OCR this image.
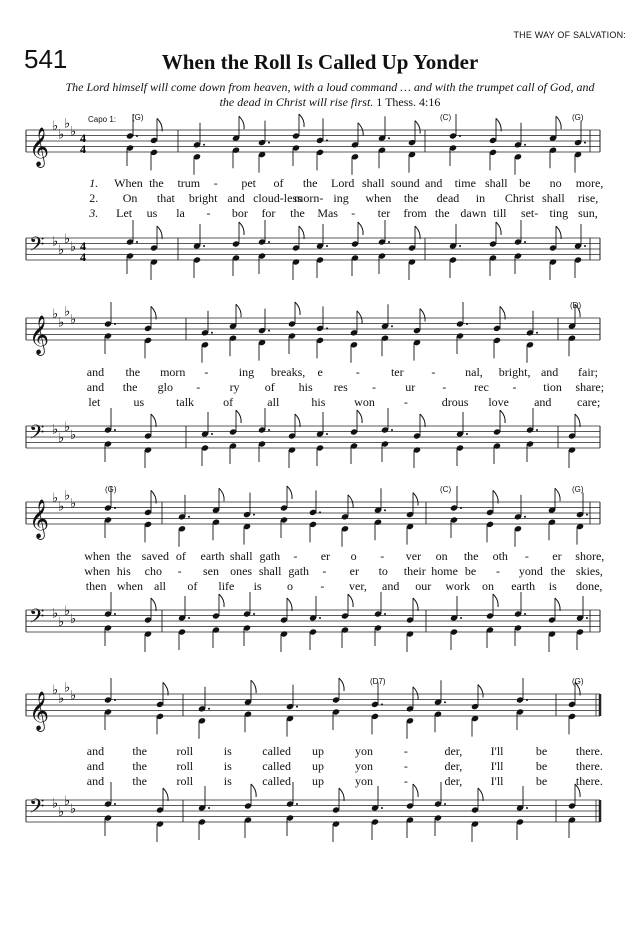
THE WAY OF SALVATION:
541	When the Roll Is Called Up Yonder
The Lord himself will come down from heaven, with a loud command … and with the trumpet call of God, and the dead in Christ will rise first. 1 Thess. 4:16
Capo 1:
𝄞
𝄢
♭
♭
♭
♭
♭
♭
♭
♭
4
4
4
4
(G)	(C)	(G)
𝄞
𝄢
♭
♭
♭
♭
♭
♭
♭
♭
(D)
𝄞
𝄢
♭
♭
♭
♭
♭
♭
♭
♭
(G)	(C)	(G)
𝄞
𝄢
♭
♭
♭
♭
♭
♭
♭
♭
(D7)	(G)
1. When the trum - pet of the Lord shall sound and time shall be no more,
2. On that bright and cloud-less
morn- ing when the dead in Christ shall rise,
3. Let us la - bor for the Mas - ter from the dawn till set- ting sun,
and the morn -	ing breaks, e	-	ter - nal, bright, and fair;
and the glo - ry of his res - ur - rec - tion share;
let	us	talk of	all	his won -	drous love and care;
when the saved of earth shall gath - er o - ver on the oth - er shore,
when his cho - sen ones shall gath - er to their home be - yond the skies,
then when all of life is o - ver, and our work on earth is done,
and the roll	is	called up	yon	-	der, I'll	be there.
and the roll	is	called up	yon	-	der, I'll	be there.
and the roll	is	called up	yon	-	der, I'll	be there.
